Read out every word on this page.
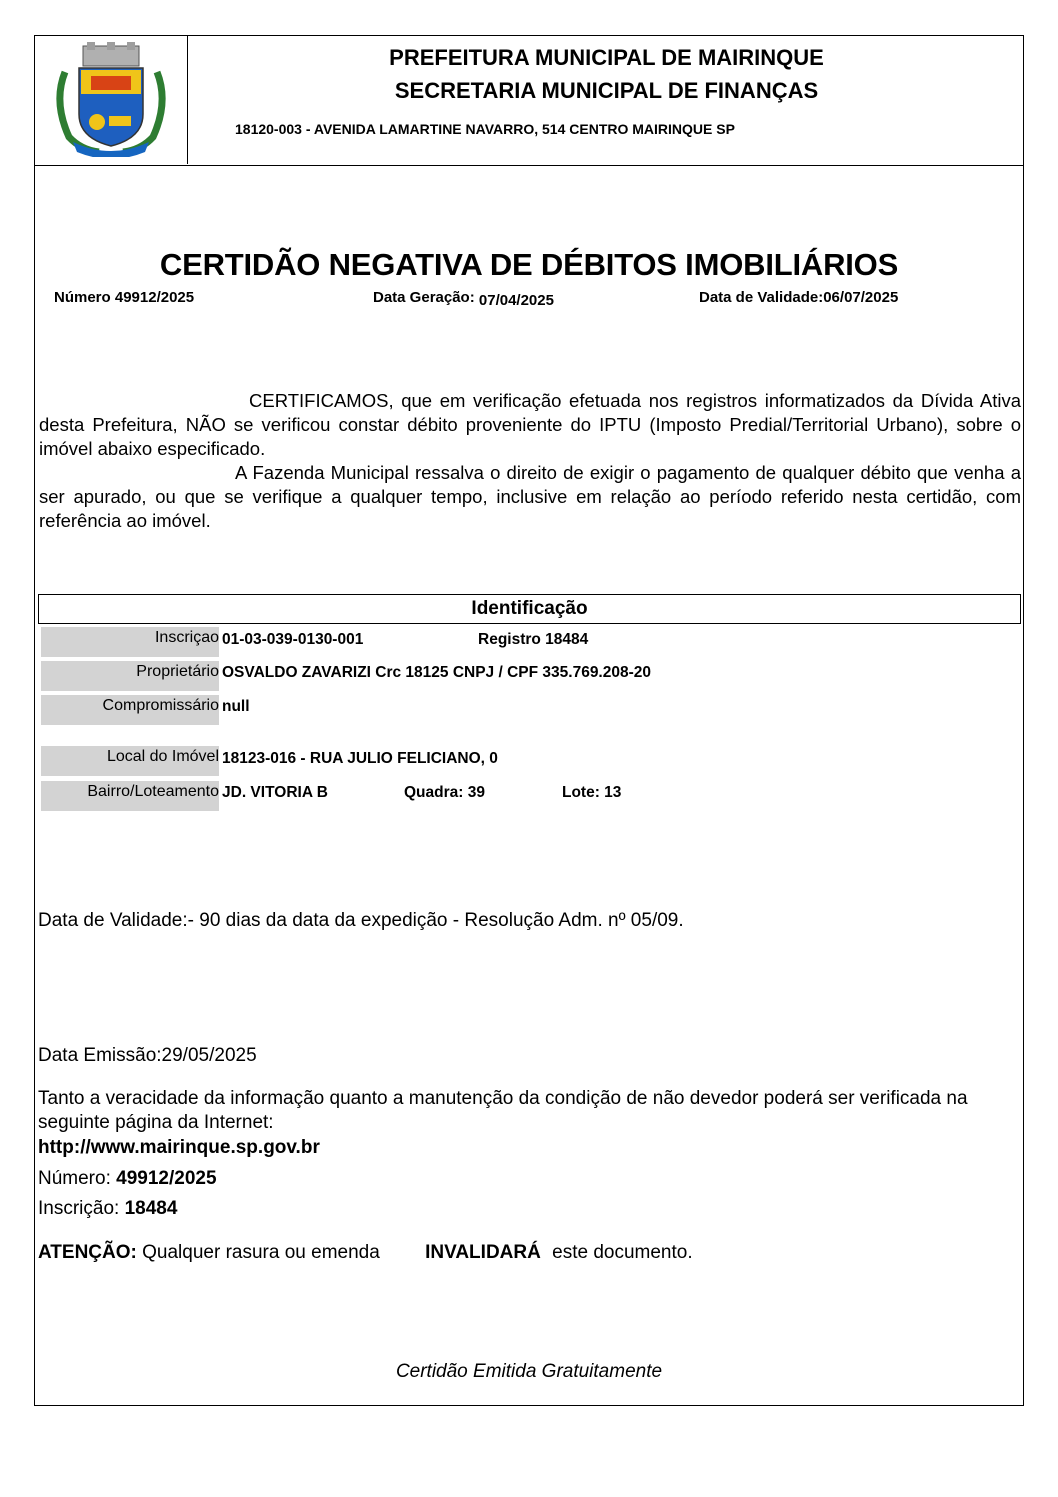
PREFEITURA MUNICIPAL DE MAIRINQUE
SECRETARIA MUNICIPAL DE FINANÇAS
18120-003 - AVENIDA LAMARTINE NAVARRO, 514 CENTRO MAIRINQUE SP
CERTIDÃO NEGATIVA DE DÉBITOS IMOBILIÁRIOS
Número 49912/2025	Data Geração: 07/04/2025	Data de Validade:06/07/2025

CERTIFICAMOS, que em verificação efetuada nos registros informatizados da Dívida Ativa desta Prefeitura, NÃO se verificou constar débito proveniente do IPTU (Imposto Predial/Territorial Urbano), sobre o imóvel abaixo especificado.

A Fazenda Municipal ressalva o direito de exigir o pagamento de qualquer débito que venha a ser apurado, ou que se verifique a qualquer tempo, inclusive em relação ao período referido nesta certidão, com referência ao imóvel.

Identificação
Inscriçao 01-03-039-0130-001	Registro 18484
Proprietário OSVALDO ZAVARIZI Crc 18125 CNPJ / CPF 335.769.208-20
Compromissário null
Local do Imóvel 18123-016 - RUA JULIO FELICIANO, 0
Bairro/Loteamento JD. VITORIA B	Quadra: 39	Lote: 13
Data de Validade:- 90 dias da data da expedição - Resolução Adm. nº 05/09.
Data Emissão:29/05/2025
Tanto a veracidade da informação quanto a manutenção da condição de não devedor poderá ser verificada na seguinte página da Internet:
http://www.mairinque.sp.gov.br
Número: 49912/2025
Inscrição: 18484
ATENÇÃO: Qualquer rasura ou emenda INVALIDARÁ este documento.
Certidão Emitida Gratuitamente
